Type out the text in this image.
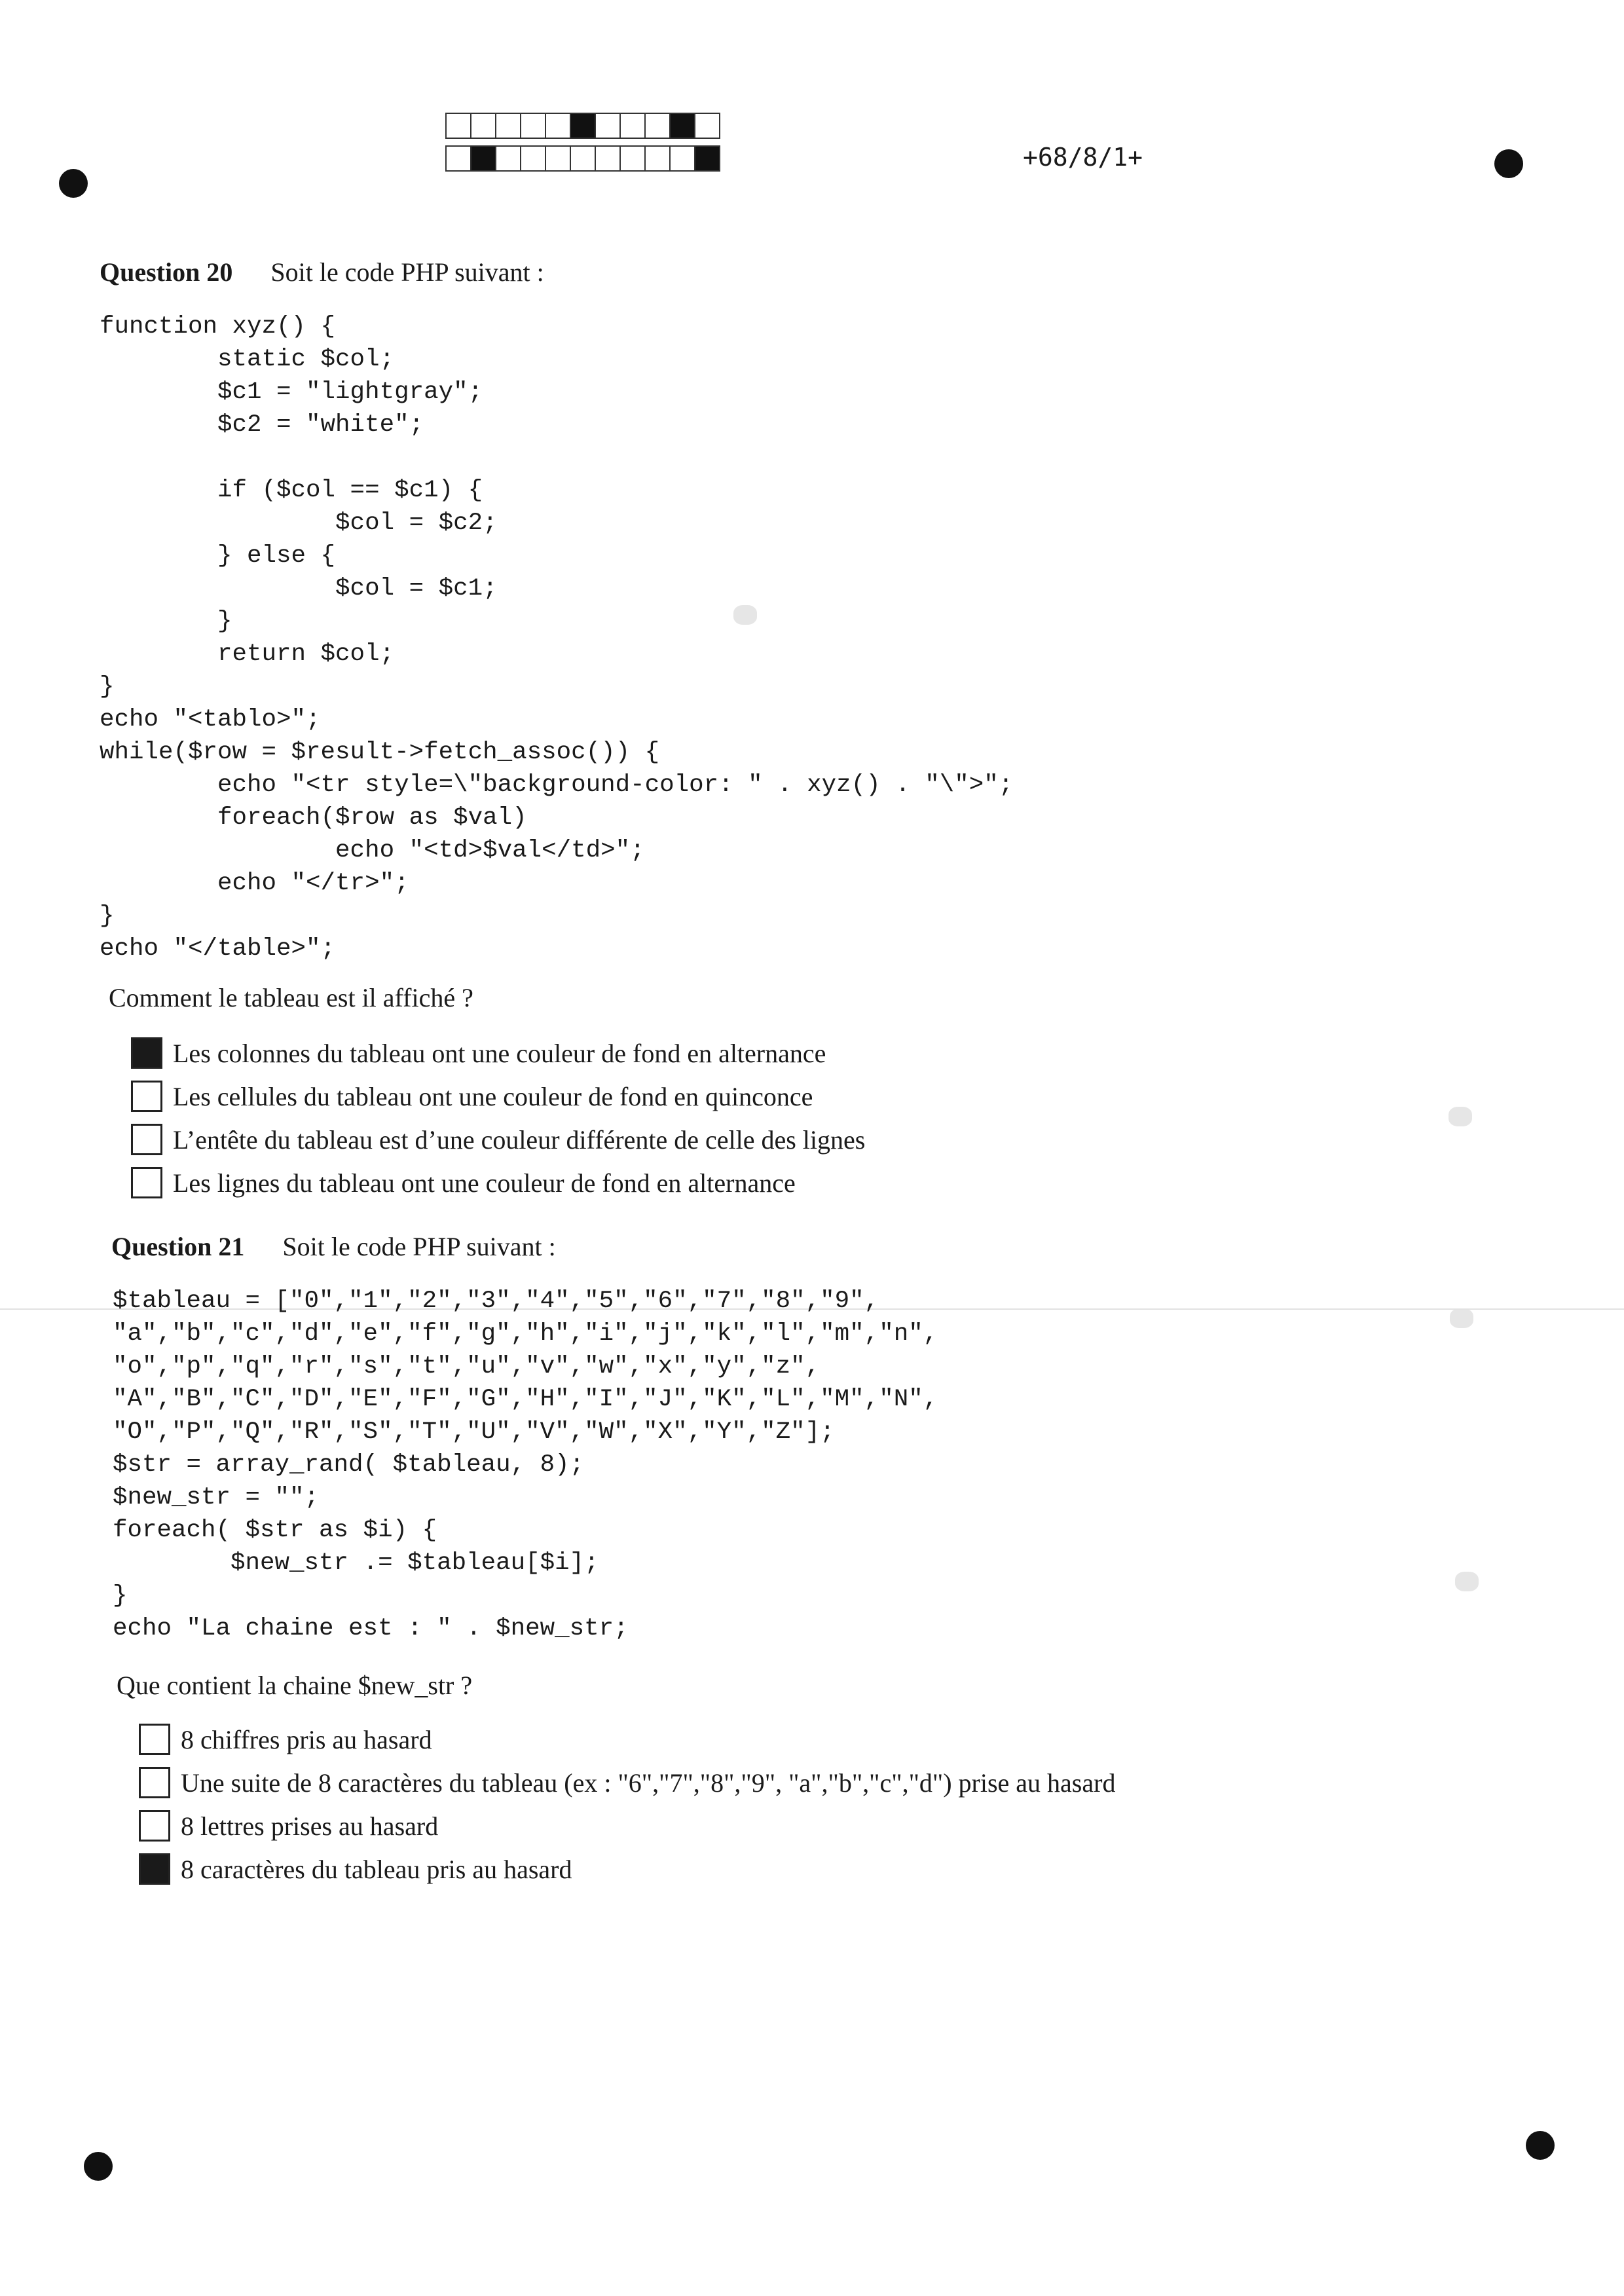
+68/8/1+
Question 20 Soit le code PHP suivant :
function xyz() {
static $col;
$c1 = "lightgray";
$c2 = "white";

if ($col == $c1) {
$col = $c2;
} else {
$col = $c1;
}
return $col;
}
echo "<tablo>";
while($row = $result->fetch_assoc()) {
echo "<tr style=\"background-color: " . xyz() . "\">";
foreach($row as $val)
echo "<td>$val</td>";
echo "</tr>";
}
echo "</table>";
Comment le tableau est il affiché ?
Les colonnes du tableau ont une couleur de fond en alternance
Les cellules du tableau ont une couleur de fond en quinconce
L’entête du tableau est d’une couleur différente de celle des lignes
Les lignes du tableau ont une couleur de fond en alternance
Question 21 Soit le code PHP suivant :
$tableau = ["0","1","2","3","4","5","6","7","8","9",
"a","b","c","d","e","f","g","h","i","j","k","l","m","n",
"o","p","q","r","s","t","u","v","w","x","y","z",
"A","B","C","D","E","F","G","H","I","J","K","L","M","N",
"O","P","Q","R","S","T","U","V","W","X","Y","Z"];
$str = array_rand( $tableau, 8);
$new_str = "";
foreach( $str as $i) {
$new_str .= $tableau[$i];
}
echo "La chaine est : " . $new_str;
Que contient la chaine $new_str ?
8 chiffres pris au hasard
Une suite de 8 caractères du tableau (ex : "6","7","8","9", "a","b","c","d") prise au hasard
8 lettres prises au hasard
8 caractères du tableau pris au hasard
